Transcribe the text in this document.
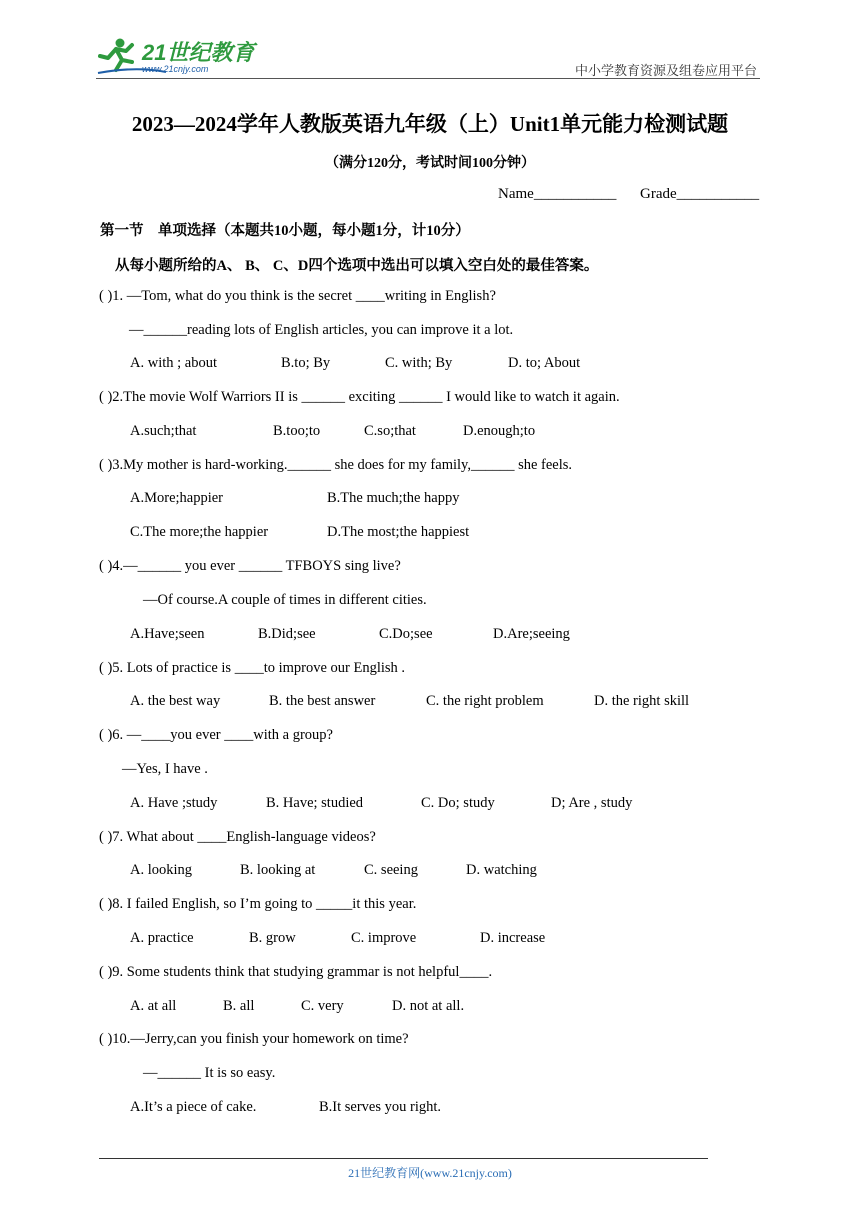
21世纪教育
www.21cnjy.com	中小学教育资源及组卷应用平台
2023—2024学年人教版英语九年级（上）Unit1单元能力检测试题
（满分120分，考试时间100分钟）
Name___________ Grade___________
第一节　单项选择（本题共10小题，每小题1分，计10分）
从每小题所给的A、 B、 C、D四个选项中选出可以填入空白处的最佳答案。
( )1. —Tom, what do you think is the secret ____writing in English?
—______reading lots of English articles, you can improve it a lot.
A. with ; about	B.to; By	C. with; By	D. to; About
( )2.The movie Wolf Warriors II is ______ exciting ______ I would like to watch it again.
A.such;that	B.too;to	C.so;that	D.enough;to
( )3.My mother is hard-working.______ she does for my family,______ she feels.
A.More;happier	B.The much;the happy
C.The more;the happier	D.The most;the happiest
( )4.—______ you ever ______ TFBOYS sing live?
—Of course.A couple of times in different cities.
A.Have;seen	B.Did;see	C.Do;see	D.Are;seeing
( )5. Lots of practice is ____to improve our English .
A. the best way	B. the best answer	C. the right problem	D. the right skill
( )6. —____you ever ____with a group?
—Yes, I have .
A. Have ;study	B. Have; studied	C. Do; study	D; Are , study
( )7. What about ____English-language videos?
A. looking	B. looking at	C. seeing	D. watching
( )8. I failed English, so I’m going to _____it this year.
A. practice	B. grow	C. improve	D. increase
( )9. Some students think that studying grammar is not helpful____.
A. at all	B. all	C. very	D. not at all.
( )10.—Jerry,can you finish your homework on time?
—______ It is so easy.
A.It’s a piece of cake.	B.It serves you right.
21世纪教育网(www.21cnjy.com)
